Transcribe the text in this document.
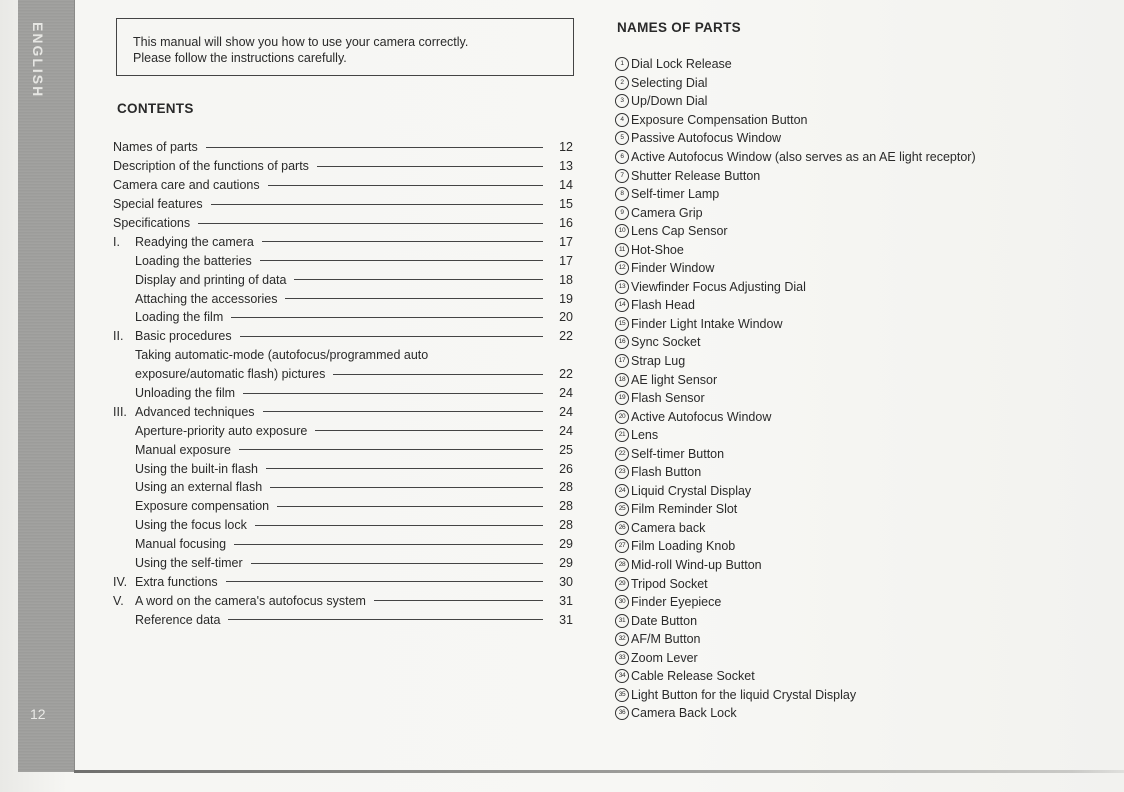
ENGLISH
12
This manual will show you how to use your camera correctly.
Please follow the instructions carefully.
CONTENTS
Names of parts	12
Description of the functions of parts	13
Camera care and cautions	14
Special features	15
Specifications	16
I.	Readying the camera	17
Loading the batteries	17
Display and printing of data	18
Attaching the accessories	19
Loading the film	20
II. Basic procedures	22
Taking automatic-mode (autofocus/programmed auto
exposure/automatic flash) pictures	22
Unloading the film	24
III. Advanced techniques	24
Aperture-priority auto exposure	24
Manual exposure	25
Using the built-in flash	26
Using an external flash	28
Exposure compensation	28
Using the focus lock	28
Manual focusing	29
Using the self-timer	29
IV. Extra functions	30
V. A word on the camera's autofocus system	31
Reference data	31
NAMES OF PARTS
1 Dial Lock Release
2 Selecting Dial
3 Up/Down Dial
4 Exposure Compensation Button
5 Passive Autofocus Window
6 Active Autofocus Window (also serves as an AE light receptor)
7 Shutter Release Button
8 Self-timer Lamp
9 Camera Grip
10 Lens Cap Sensor
11 Hot-Shoe
12 Finder Window
13 Viewfinder Focus Adjusting Dial
14 Flash Head
15 Finder Light Intake Window
16 Sync Socket
17 Strap Lug
18 AE light Sensor
19 Flash Sensor
20 Active Autofocus Window
21 Lens
22 Self-timer Button
23 Flash Button
24 Liquid Crystal Display
25 Film Reminder Slot
26 Camera back
27 Film Loading Knob
28 Mid-roll Wind-up Button
29 Tripod Socket
30 Finder Eyepiece
31 Date Button
32 AF/M Button
33 Zoom Lever
34 Cable Release Socket
35 Light Button for the liquid Crystal Display
36 Camera Back Lock
